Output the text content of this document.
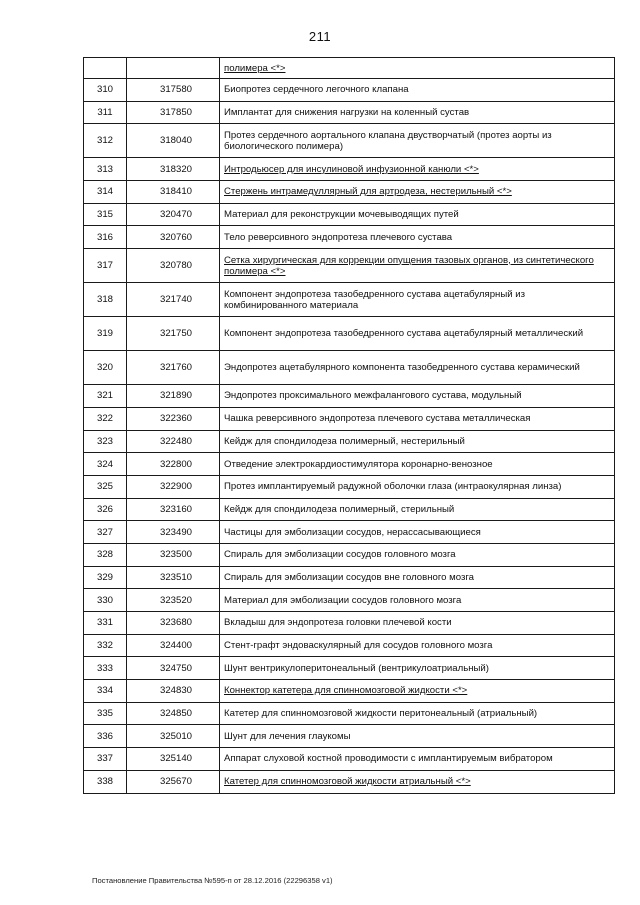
211
		полимера <*>
310	317580	Биопротез сердечного легочного клапана
311	317850	Имплантат для снижения нагрузки на коленный сустав
312	318040	Протез сердечного аортального клапана двустворчатый (протез аорты из биологического полимера)
313	318320	Интродьюсер для инсулиновой инфузионной канюли <*>
314	318410	Стержень интрамедуллярный для артродеза, нестерильный <*>
315	320470	Материал для реконструкции мочевыводящих путей
316	320760	Тело реверсивного эндопротеза плечевого сустава
317	320780	Сетка хирургическая для коррекции опущения тазовых органов, из синтетического полимера <*>
318	321740	Компонент эндопротеза тазобедренного сустава ацетабулярный из комбинированного материала
319	321750	Компонент эндопротеза тазобедренного сустава ацетабулярный металлический
320	321760	Эндопротез ацетабулярного компонента тазобедренного сустава керамический
321	321890	Эндопротез проксимального межфалангового сустава, модульный
322	322360	Чашка реверсивного эндопротеза плечевого сустава металлическая
323	322480	Кейдж для спондилодеза полимерный, нестерильный
324	322800	Отведение электрокардиостимулятора коронарно-венозное
325	322900	Протез имплантируемый радужной оболочки глаза (интраокулярная линза)
326	323160	Кейдж для спондилодеза полимерный, стерильный
327	323490	Частицы для эмболизации сосудов, нерассасывающиеся
328	323500	Спираль для эмболизации сосудов головного мозга
329	323510	Спираль для эмболизации сосудов вне головного мозга
330	323520	Материал для эмболизации сосудов головного мозга
331	323680	Вкладыш для эндопротеза головки плечевой кости
332	324400	Стент-графт эндоваскулярный для сосудов головного мозга
333	324750	Шунт вентрикулоперитонеальный (вентрикулоатриальный)
334	324830	Коннектор катетера для спинномозговой жидкости <*>
335	324850	Катетер для спинномозговой жидкости перитонеальный (атриальный)
336	325010	Шунт для лечения глаукомы
337	325140	Аппарат слуховой костной проводимости с имплантируемым вибратором
338	325670	Катетер для спинномозговой жидкости атриальный <*>
Постановление Правительства №595-п от 28.12.2016 (22296358 v1)
